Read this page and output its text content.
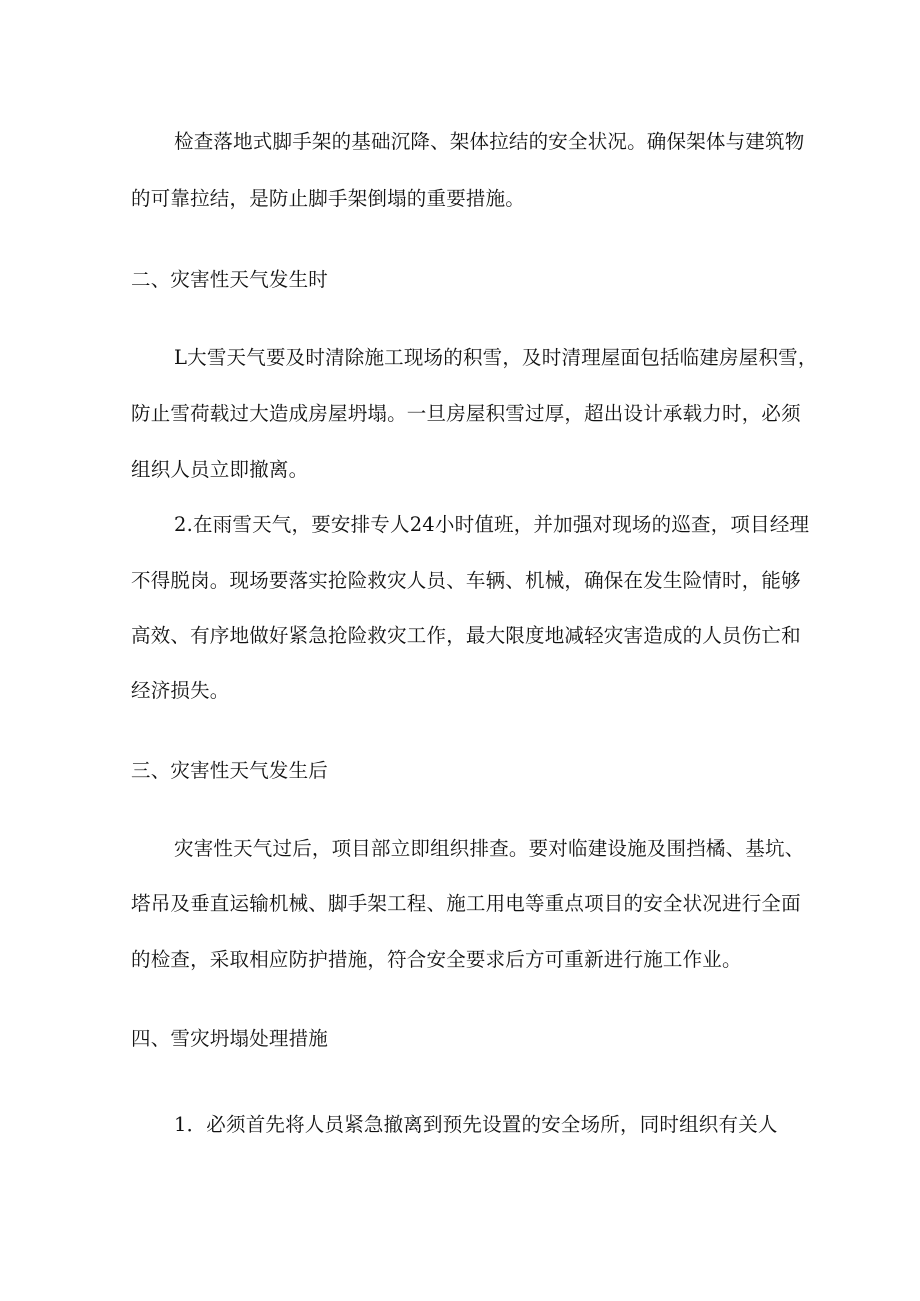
检查落地式脚手架的基础沉降、架体拉结的安全状况。确保架体与建筑物
的可靠拉结，是防止脚手架倒塌的重要措施。
二、灾害性天气发生时
L大雪天气要及时清除施工现场的积雪，及时清理屋面包括临建房屋积雪，
防止雪荷载过大造成房屋坍塌。一旦房屋积雪过厚，超出设计承载力时，必须
组织人员立即撤离。
2.在雨雪天气，要安排专人24小时值班，并加强对现场的巡查，项目经理
不得脱岗。现场要落实抢险救灾人员、车辆、机械，确保在发生险情时，能够
高效、有序地做好紧急抢险救灾工作，最大限度地减轻灾害造成的人员伤亡和
经济损失。
三、灾害性天气发生后
灾害性天气过后，项目部立即组织排查。要对临建设施及围挡橘、基坑、
塔吊及垂直运输机械、脚手架工程、施工用电等重点项目的安全状况进行全面
的检查，采取相应防护措施，符合安全要求后方可重新进行施工作业。
四、雪灾坍塌处理措施
1．必须首先将人员紧急撤离到预先设置的安全场所，同时组织有关人
